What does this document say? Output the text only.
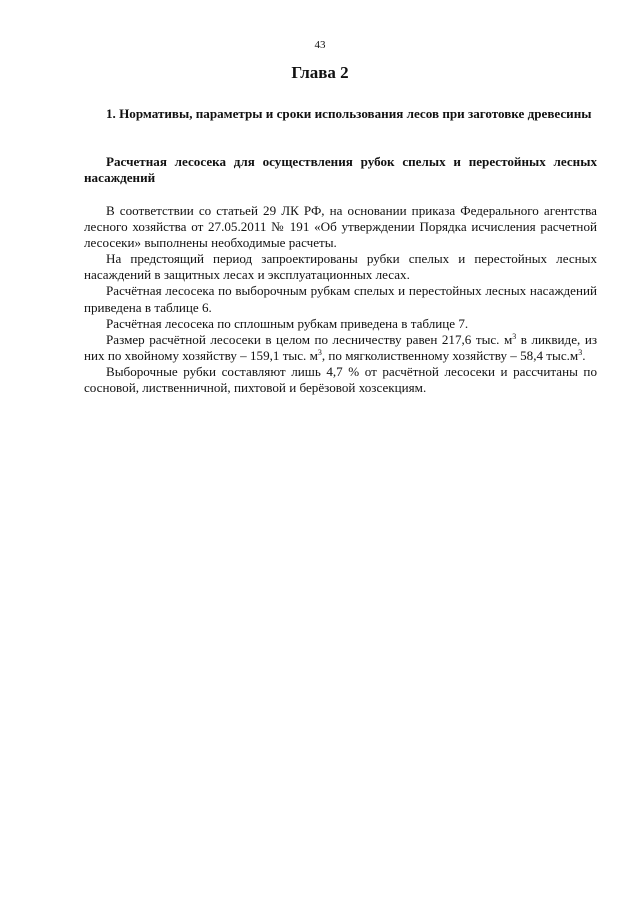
43
Глава 2
1. Нормативы, параметры и сроки использования лесов при заготовке древесины
Расчетная лесосека для осуществления рубок спелых и перестойных лесных насаждений

В соответствии со статьей 29 ЛК РФ, на основании приказа Федерального агентства лесного хозяйства от 27.05.2011 № 191 «Об утверждении Порядка исчисления расчетной лесосеки» выполнены необходимые расчеты.

На предстоящий период запроектированы рубки спелых и перестойных лесных насаждений в защитных лесах и эксплуатационных лесах.

Расчётная лесосека по выборочным рубкам спелых и перестойных лесных насаждений приведена в таблице 6.

Расчётная лесосека по сплошным рубкам приведена в таблице 7.

Размер расчётной лесосеки в целом по лесничеству равен 217,6 тыс. $м^3$ в ликвиде, из них по хвойному хозяйству – 159,1 тыс. $м^3$, по мягколиственному хозяйству – 58,4 $тыс.м^3$.

Выборочные рубки составляют лишь 4,7 % от расчётной лесосеки и рассчитаны по сосновой, лиственничной, пихтовой и берёзовой хозсекциям.
